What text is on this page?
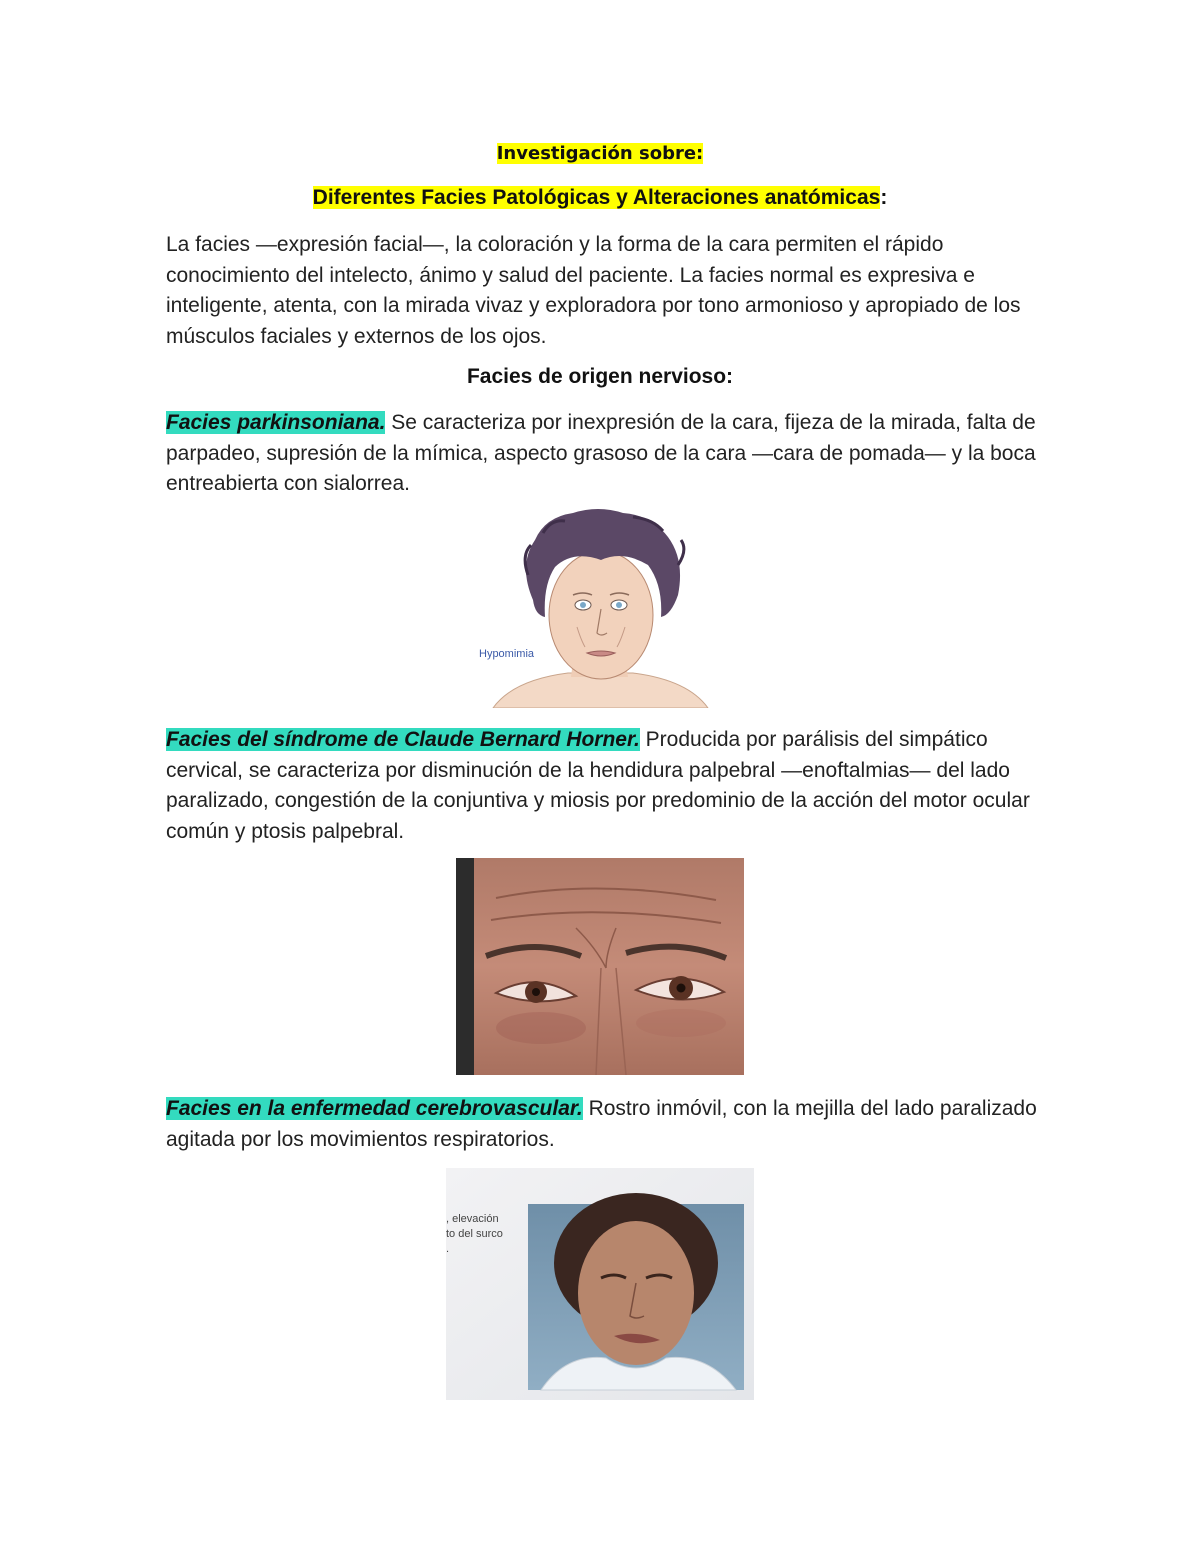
Investigación sobre:
Diferentes Facies Patológicas y Alteraciones anatómicas:
La facies —expresión facial—, la coloración y la forma de la cara permiten el rápido conocimiento del intelecto, ánimo y salud del paciente. La facies normal es expresiva e inteligente, atenta, con la mirada vivaz y exploradora por tono armonioso y apropiado de los músculos faciales y externos de los ojos.
Facies de origen nervioso:
Facies parkinsoniana. Se caracteriza por inexpresión de la cara, fijeza de la mirada, falta de parpadeo, supresión de la mímica, aspecto grasoso de la cara —cara de pomada— y la boca entreabierta con sialorrea.
Hypomimia
Facies del síndrome de Claude Bernard Horner. Producida por parálisis del simpático cervical, se caracteriza por disminución de la hendidura palpebral —enoftalmias— del lado paralizado, congestión de la conjuntiva y miosis por predominio de la acción del motor ocular común y ptosis palpebral.
Facies en la enfermedad cerebrovascular. Rostro inmóvil, con la mejilla del lado paralizado agitada por los movimientos respiratorios.
, elevación
to del surco
.
